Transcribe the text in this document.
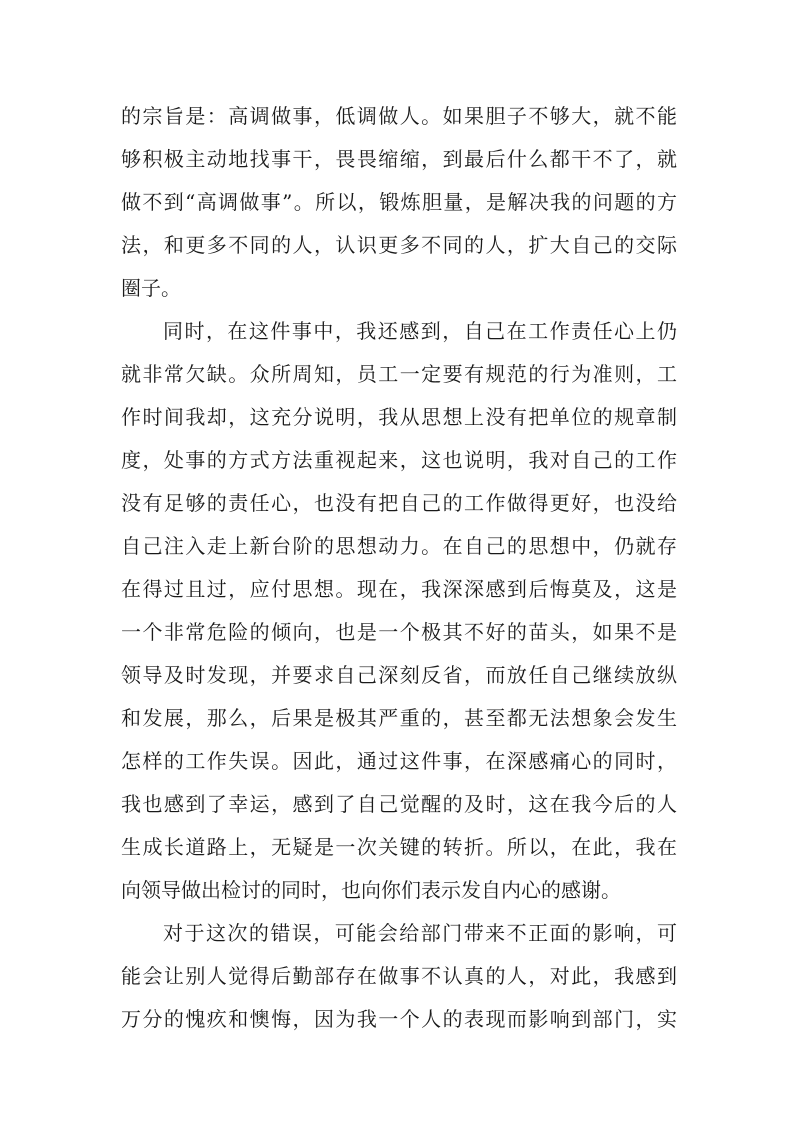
的宗旨是：高调做事，低调做人。如果胆子不够大，就不能
够积极主动地找事干，畏畏缩缩，到最后什么都干不了，就
做不到“高调做事”。所以，锻炼胆量，是解决我的问题的方
法，和更多不同的人，认识更多不同的人，扩大自己的交际
圈子。
同时，在这件事中，我还感到，自己在工作责任心上仍
就非常欠缺。众所周知，员工一定要有规范的行为准则，工
作时间我却，这充分说明，我从思想上没有把单位的规章制
度，处事的方式方法重视起来，这也说明，我对自己的工作
没有足够的责任心，也没有把自己的工作做得更好，也没给
自己注入走上新台阶的思想动力。在自己的思想中，仍就存
在得过且过，应付思想。现在，我深深感到后悔莫及，这是
一个非常危险的倾向，也是一个极其不好的苗头，如果不是
领导及时发现，并要求自己深刻反省，而放任自己继续放纵
和发展，那么，后果是极其严重的，甚至都无法想象会发生
怎样的工作失误。因此，通过这件事，在深感痛心的同时，
我也感到了幸运，感到了自己觉醒的及时，这在我今后的人
生成长道路上，无疑是一次关键的转折。所以，在此，我在
向领导做出检讨的同时，也向你们表示发自内心的感谢。
对于这次的错误，可能会给部门带来不正面的影响，可
能会让别人觉得后勤部存在做事不认真的人，对此，我感到
万分的愧疚和懊悔，因为我一个人的表现而影响到部门，实
